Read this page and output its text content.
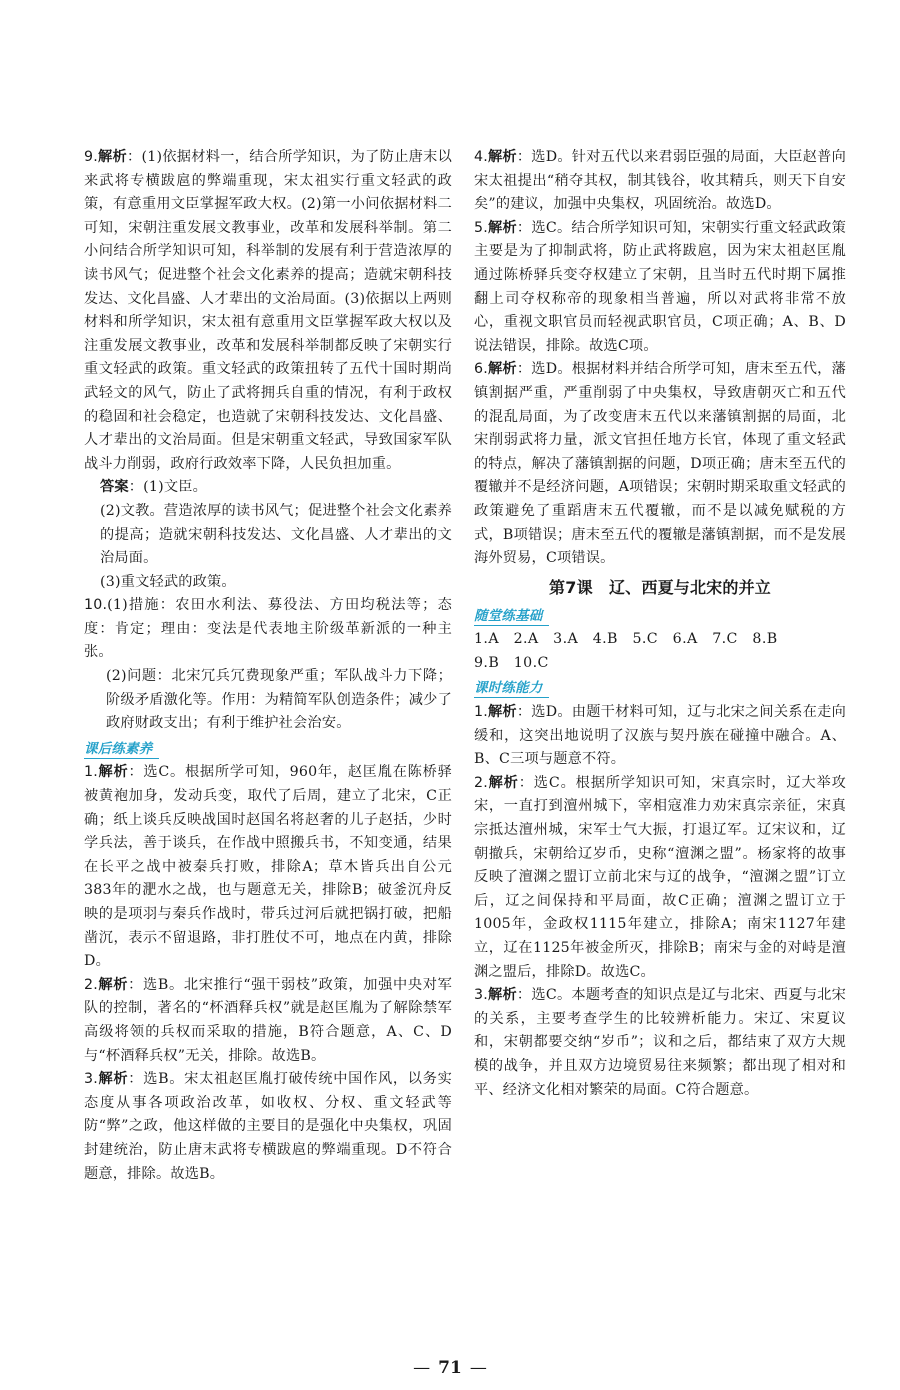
9.解析：(1)依据材料一，结合所学知识，为了防止唐末以来武将专横跋扈的弊端重现，宋太祖实行重文轻武的政策，有意重用文臣掌握军政大权。(2)第一小问依据材料二可知，宋朝注重发展文教事业，改革和发展科举制。第二小问结合所学知识可知，科举制的发展有利于营造浓厚的读书风气；促进整个社会文化素养的提高；造就宋朝科技发达、文化昌盛、人才辈出的文治局面。(3)依据以上两则材料和所学知识，宋太祖有意重用文臣掌握军政大权以及注重发展文教事业，改革和发展科举制都反映了宋朝实行重文轻武的政策。重文轻武的政策扭转了五代十国时期尚武轻文的风气，防止了武将拥兵自重的情况，有利于政权的稳固和社会稳定，也造就了宋朝科技发达、文化昌盛、人才辈出的文治局面。但是宋朝重文轻武，导致国家军队战斗力削弱，政府行政效率下降，人民负担加重。

答案：(1)文臣。

(2)文教。营造浓厚的读书风气；促进整个社会文化素养的提高；造就宋朝科技发达、文化昌盛、人才辈出的文治局面。

(3)重文轻武的政策。

10.(1)措施：农田水利法、募役法、方田均税法等；态度：肯定；理由：变法是代表地主阶级革新派的一种主张。

(2)问题：北宋冗兵冗费现象严重；军队战斗力下降；阶级矛盾激化等。作用：为精简军队创造条件；减少了政府财政支出；有利于维护社会治安。

课后练素养

1.解析：选C。根据所学可知，960年，赵匡胤在陈桥驿被黄袍加身，发动兵变，取代了后周，建立了北宋，C正确；纸上谈兵反映战国时赵国名将赵奢的儿子赵括，少时学兵法，善于谈兵，在作战中照搬兵书，不知变通，结果在长平之战中被秦兵打败，排除A；草木皆兵出自公元383年的淝水之战，也与题意无关，排除B；破釜沉舟反映的是项羽与秦兵作战时，带兵过河后就把锅打破，把船凿沉，表示不留退路，非打胜仗不可，地点在内黄，排除D。

2.解析：选B。北宋推行“强干弱枝”政策，加强中央对军队的控制，著名的“杯酒释兵权”就是赵匡胤为了解除禁军高级将领的兵权而采取的措施，B符合题意，A、C、D与“杯酒释兵权”无关，排除。故选B。

3.解析：选B。宋太祖赵匡胤打破传统中国作风，以务实态度从事各项政治改革，如收权、分权、重文轻武等防“弊”之政，他这样做的主要目的是强化中央集权，巩固封建统治，防止唐末武将专横跋扈的弊端重现。D不符合题意，排除。故选B。

4.解析：选D。针对五代以来君弱臣强的局面，大臣赵普向宋太祖提出“稍夺其权，制其钱谷，收其精兵，则天下自安矣”的建议，加强中央集权，巩固统治。故选D。

5.解析：选C。结合所学知识可知，宋朝实行重文轻武政策主要是为了抑制武将，防止武将跋扈，因为宋太祖赵匡胤通过陈桥驿兵变夺权建立了宋朝，且当时五代时期下属推翻上司夺权称帝的现象相当普遍，所以对武将非常不放心，重视文职官员而轻视武职官员，C项正确；A、B、D说法错误，排除。故选C项。

6.解析：选D。根据材料并结合所学可知，唐末至五代，藩镇割据严重，严重削弱了中央集权，导致唐朝灭亡和五代的混乱局面，为了改变唐末五代以来藩镇割据的局面，北宋削弱武将力量，派文官担任地方长官，体现了重文轻武的特点，解决了藩镇割据的问题，D项正确；唐末至五代的覆辙并不是经济问题，A项错误；宋朝时期采取重文轻武的政策避免了重蹈唐末五代覆辙，而不是以减免赋税的方式，B项错误；唐末至五代的覆辙是藩镇割据，而不是发展海外贸易，C项错误。

第7课　辽、西夏与北宋的并立
随堂练基础

1.A　2.A　3.A　4.B　5.C　6.A　7.C　8.B

9.B　10.C

课时练能力

1.解析：选D。由题干材料可知，辽与北宋之间关系在走向缓和，这突出地说明了汉族与契丹族在碰撞中融合。A、B、C三项与题意不符。

2.解析：选C。根据所学知识可知，宋真宗时，辽大举攻宋，一直打到澶州城下，宰相寇准力劝宋真宗亲征，宋真宗抵达澶州城，宋军士气大振，打退辽军。辽宋议和，辽朝撤兵，宋朝给辽岁币，史称“澶渊之盟”。杨家将的故事反映了澶渊之盟订立前北宋与辽的战争，“澶渊之盟”订立后，辽之间保持和平局面，故C正确；澶渊之盟订立于1005年，金政权1115年建立，排除A；南宋1127年建立，辽在1125年被金所灭，排除B；南宋与金的对峙是澶渊之盟后，排除D。故选C。

3.解析：选C。本题考查的知识点是辽与北宋、西夏与北宋的关系，主要考查学生的比较辨析能力。宋辽、宋夏议和，宋朝都要交纳“岁币”；议和之后，都结束了双方大规模的战争，并且双方边境贸易往来频繁；都出现了相对和平、经济文化相对繁荣的局面。C符合题意。

— 71 —
